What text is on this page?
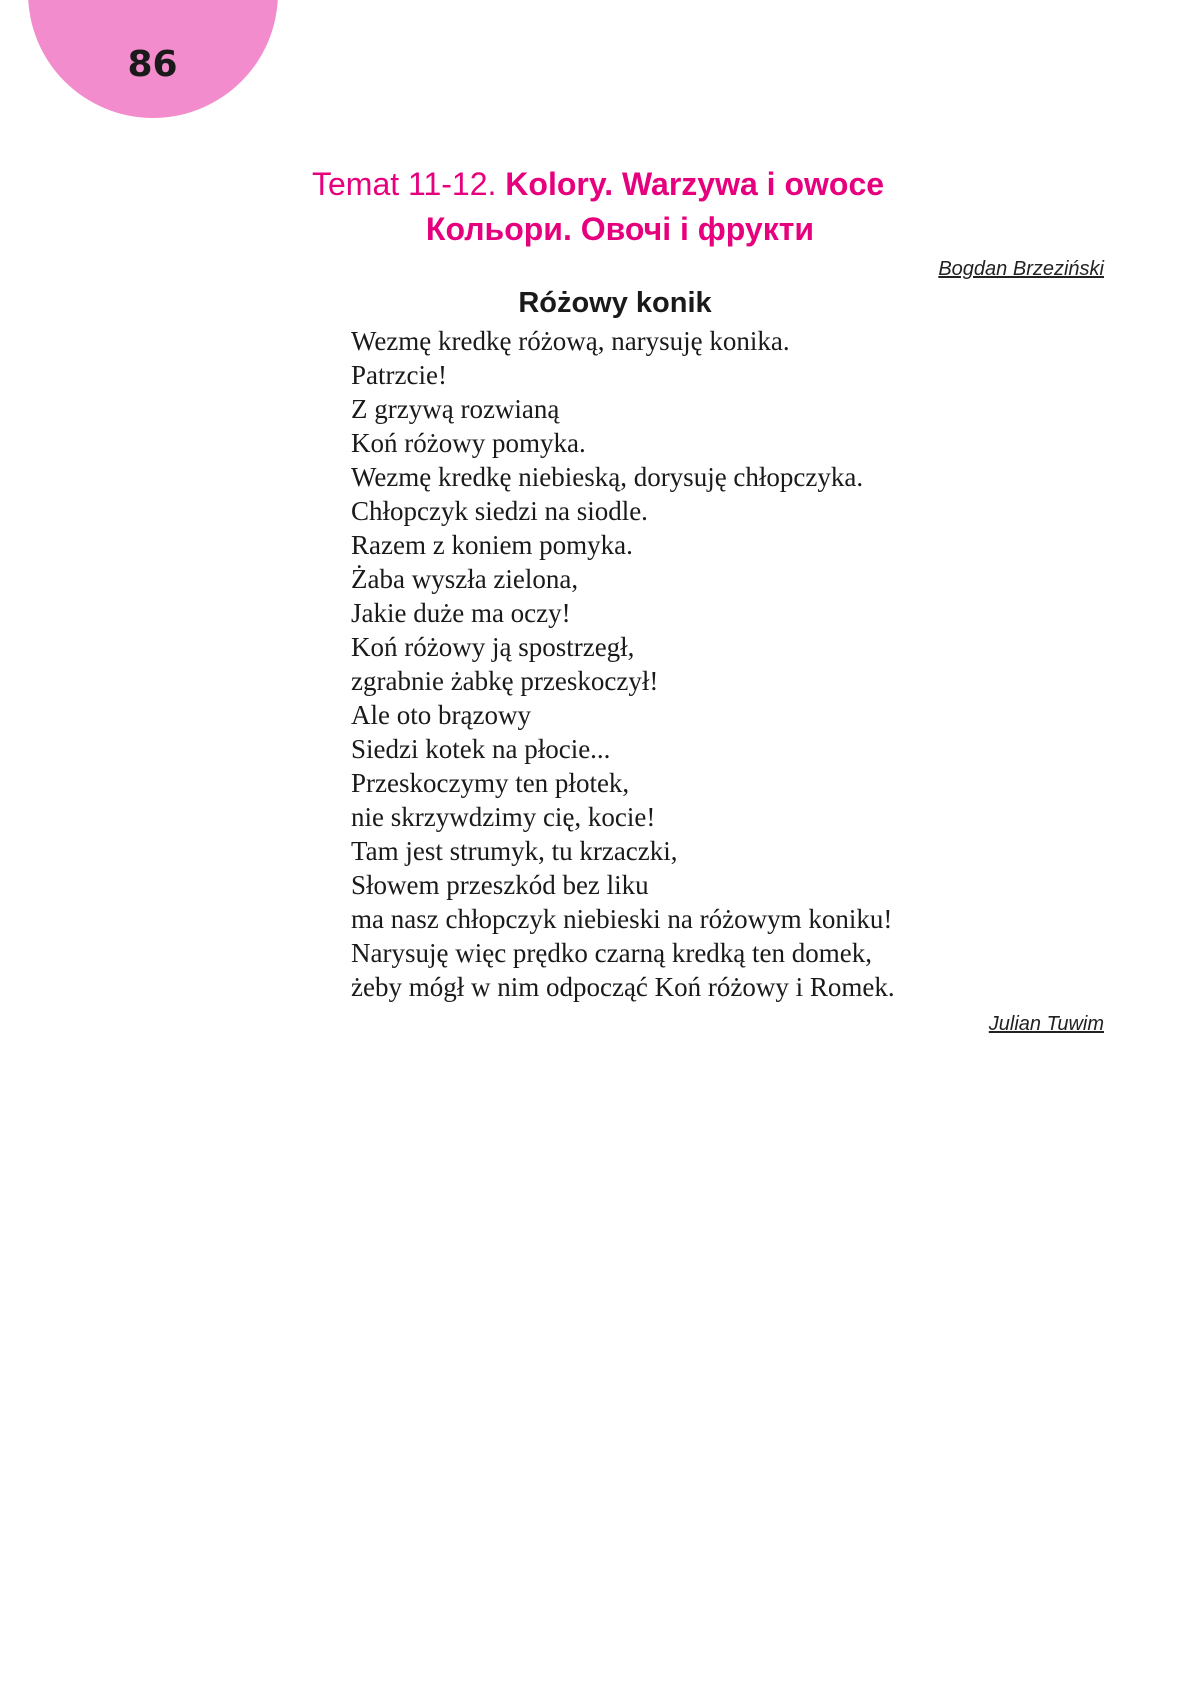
86
Temat 11-12. Kolory. Warzywa i owoce
Кольори. Овочі і фрукти
Bogdan Brzeziński
Różowy konik
Wezmę kredkę różową, narysuję konika.
Patrzcie!
Z grzywą rozwianą
Koń różowy pomyka.
Wezmę kredkę niebieską, dorysuję chłopczyka.
Chłopczyk siedzi na siodle.
Razem z koniem pomyka.
Żaba wyszła zielona,
Jakie duże ma oczy!
Koń różowy ją spostrzegł,
zgrabnie żabkę przeskoczył!
Ale oto brązowy
Siedzi kotek na płocie...
Przeskoczymy ten płotek,
nie skrzywdzimy cię, kocie!
Tam jest strumyk, tu krzaczki,
Słowem przeszkód bez liku
ma nasz chłopczyk niebieski na różowym koniku!
Narysuję więc prędko czarną kredką ten domek,
żeby mógł w nim odpocząć Koń różowy i Romek.
Julian Tuwim
